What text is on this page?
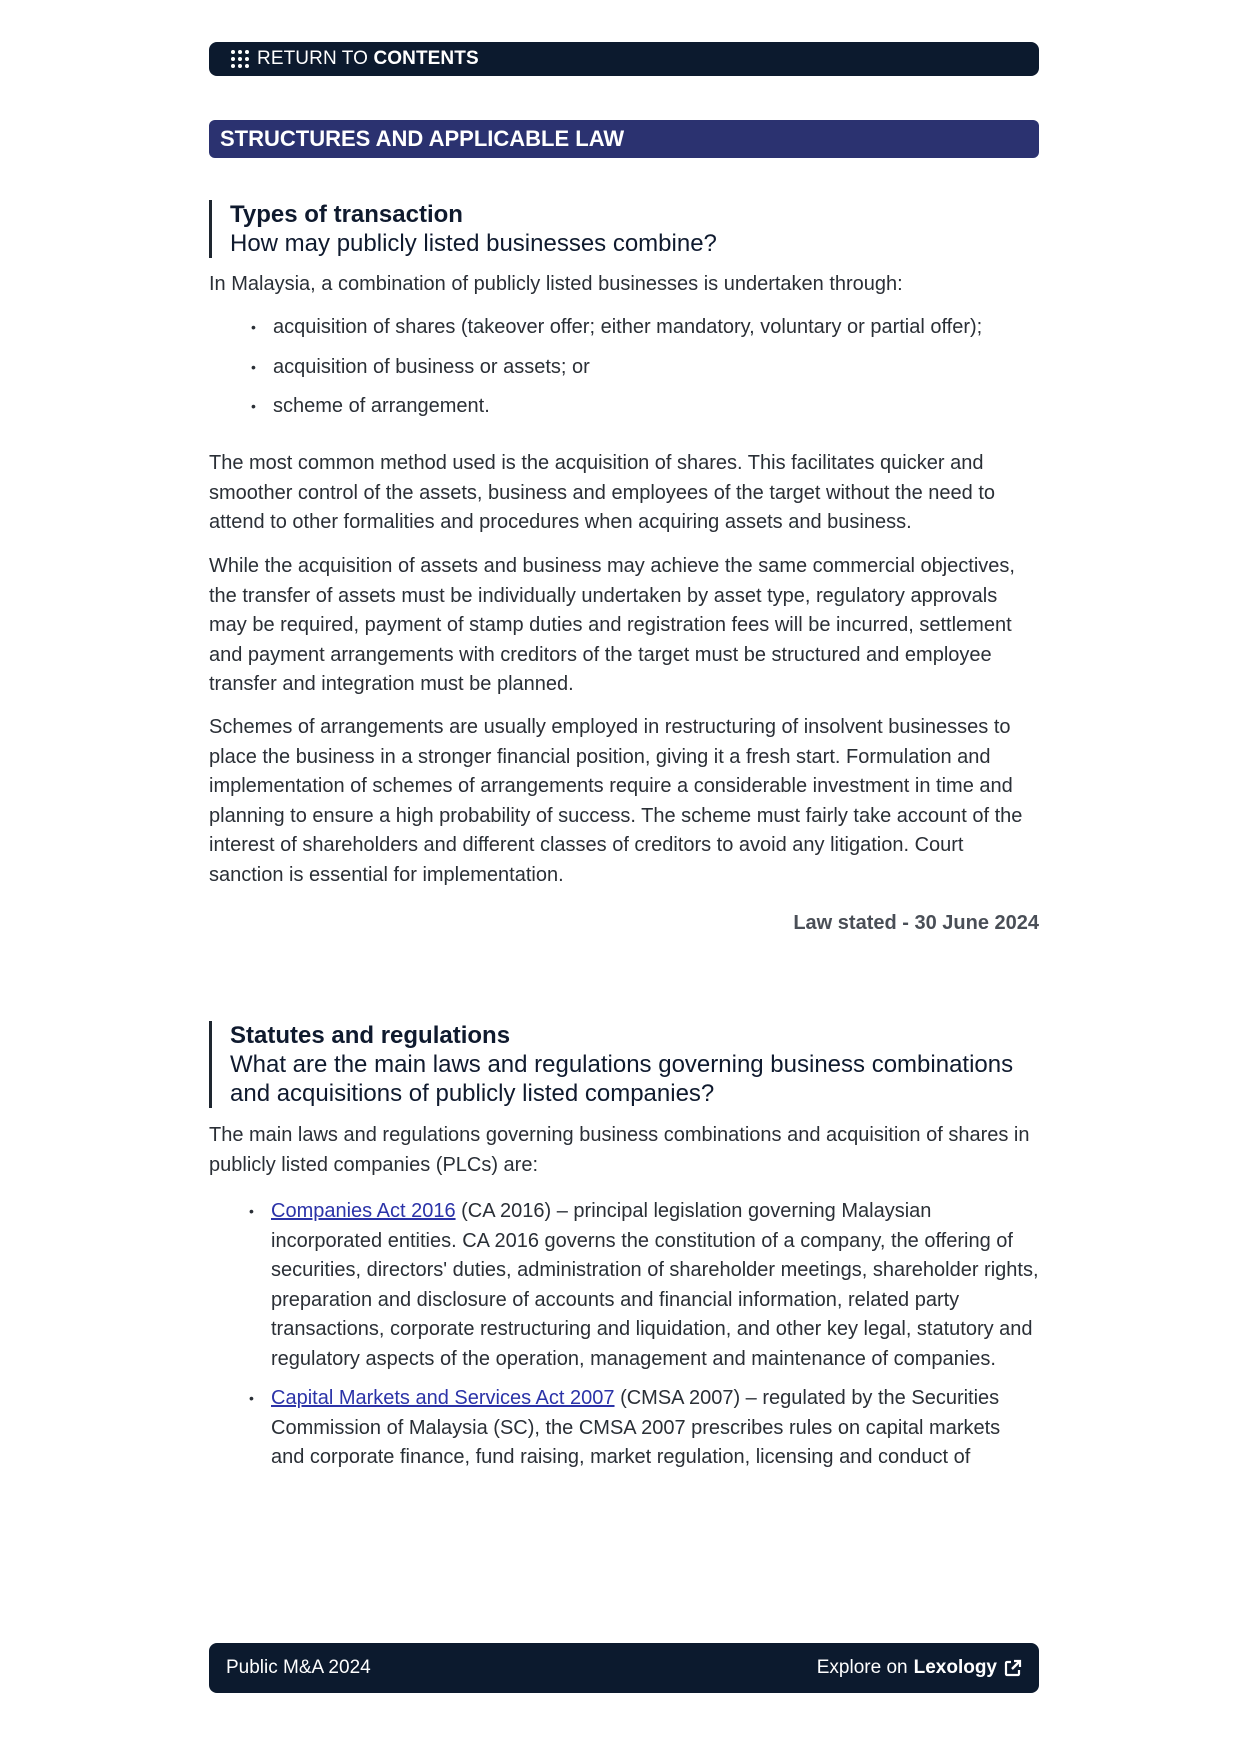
RETURN TO CONTENTS
STRUCTURES AND APPLICABLE LAW
Types of transaction
How may publicly listed businesses combine?

In Malaysia, a combination of publicly listed businesses is undertaken through:

• acquisition of shares (takeover offer; either mandatory, voluntary or partial offer);
• acquisition of business or assets; or
• scheme of arrangement.

The most common method used is the acquisition of shares. This facilitates quicker and smoother control of the assets, business and employees of the target without the need to attend to other formalities and procedures when acquiring assets and business.

While the acquisition of assets and business may achieve the same commercial objectives, the transfer of assets must be individually undertaken by asset type, regulatory approvals may be required, payment of stamp duties and registration fees will be incurred, settlement and payment arrangements with creditors of the target must be structured and employee transfer and integration must be planned.

Schemes of arrangements are usually employed in restructuring of insolvent businesses to place the business in a stronger financial position, giving it a fresh start. Formulation and implementation of schemes of arrangements require a considerable investment in time and planning to ensure a high probability of success. The scheme must fairly take account of the interest of shareholders and different classes of creditors to avoid any litigation. Court sanction is essential for implementation.

Law stated - 30 June 2024
Statutes and regulations
What are the main laws and regulations governing business combinations and acquisitions of publicly listed companies?

The main laws and regulations governing business combinations and acquisition of shares in publicly listed companies (PLCs) are:

• Companies Act 2016 (CA 2016) – principal legislation governing Malaysian incorporated entities. CA 2016 governs the constitution of a company, the offering of securities, directors' duties, administration of shareholder meetings, shareholder rights, preparation and disclosure of accounts and financial information, related party transactions, corporate restructuring and liquidation, and other key legal, statutory and regulatory aspects of the operation, management and maintenance of companies.
• Capital Markets and Services Act 2007 (CMSA 2007) – regulated by the Securities Commission of Malaysia (SC), the CMSA 2007 prescribes rules on capital markets and corporate finance, fund raising, market regulation, licensing and conduct of
Public M&A 2024	Explore on Lexology
